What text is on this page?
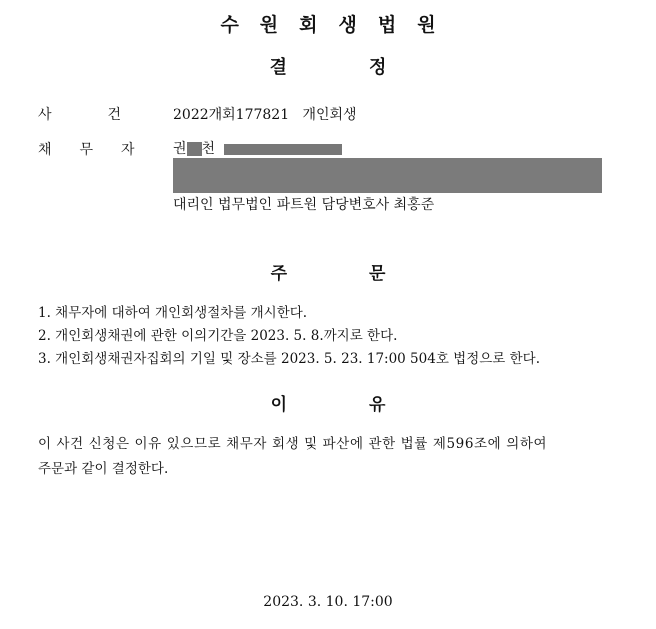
수원회생법원
결	정
사건
2022개회177821 개인회생
채무자 권 천
대리인 법무법인 파트원 담당변호사 최홍준
주	문
1. 채무자에 대하여 개인회생절차를 개시한다.
2. 개인회생채권에 관한 이의기간을 2023. 5. 8.까지로 한다.
3. 개인회생채권자집회의 기일 및 장소를 2023. 5. 23. 17:00 504호 법정으로 한다.
이	유
이 사건 신청은 이유 있으므로 채무자 회생 및 파산에 관한 법률 제596조에 의하여
주문과 같이 결정한다.
2023. 3. 10. 17:00
